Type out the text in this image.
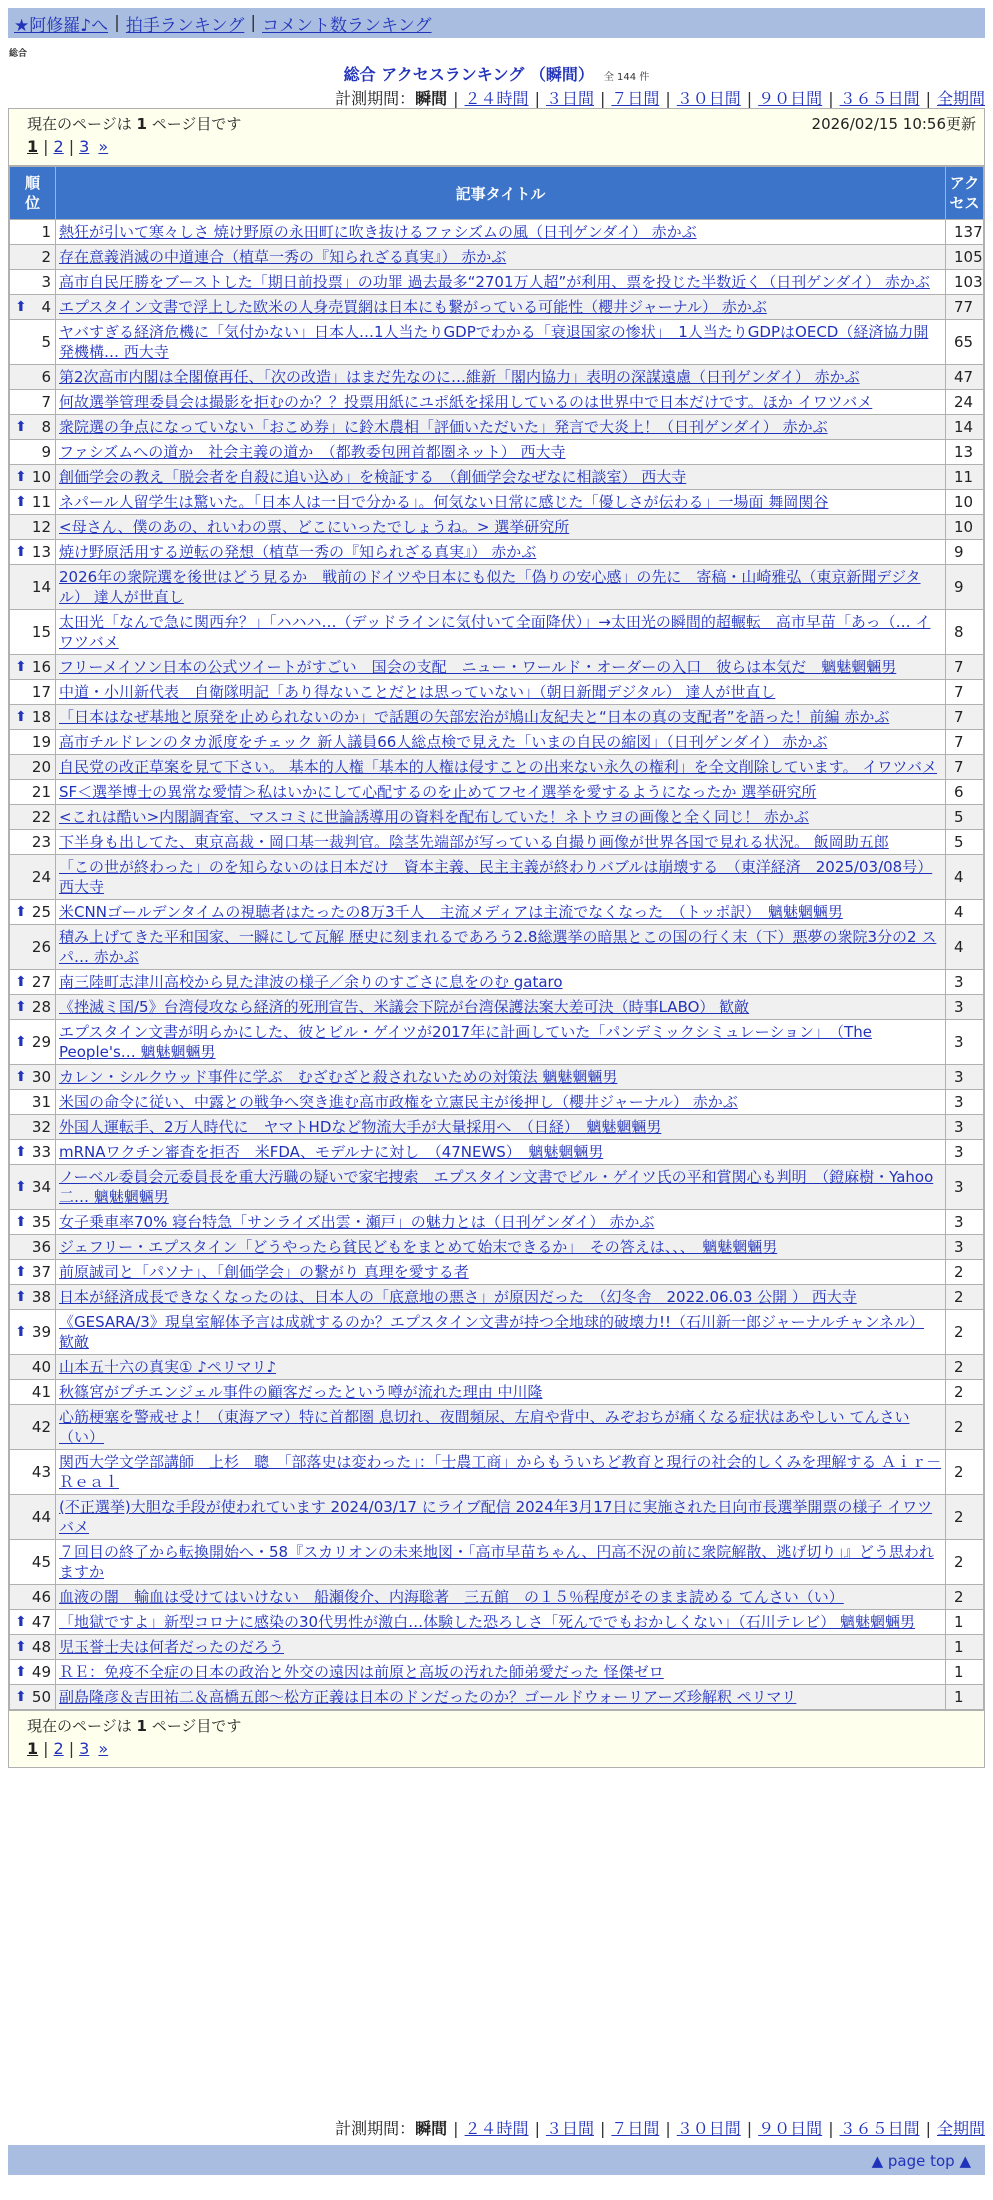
★阿修羅♪へ | 拍手ランキング | コメント数ランキング
総合
総合 アクセスランキング （瞬間） 全 144 件
計測期間：瞬間 | ２４時間 | ３日間 | ７日間 | ３０日間 | ９０日間 | ３６５日間 | 全期間
現在のページは 1 ページ目です	2026/02/15 10:56更新
1 | 2 | 3 »
順位	記事タイトル	アクセス
1	熱狂が引いて寒々しさ 焼け野原の永田町に吹き抜けるファシズムの風（日刊ゲンダイ） 赤かぶ	137
2	存在意義消滅の中道連合（植草一秀の『知られざる真実』） 赤かぶ	105
3	高市自民圧勝をブーストした「期日前投票」の功罪 過去最多“2701万人超”が利用、票を投じた半数近く（日刊ゲンダイ） 赤かぶ	103

⬆ 4	エプスタイン文書で浮上した欧米の人身売買網は日本にも繋がっている可能性（櫻井ジャーナル） 赤かぶ	77
5	ヤバすぎる経済危機に「気付かない」日本人…1人当たりGDPでわかる「衰退国家の惨状」　1人当たりGDPはOECD（経済協力開発機構… 西大寺	65
6	第2次高市内閣は全閣僚再任、「次の改造」はまだ先なのに…維新「閣内協力」表明の深謀遠慮（日刊ゲンダイ） 赤かぶ	47
7	何故選挙管理委員会は撮影を拒むのか？？投票用紙にユポ紙を採用しているのは世界中で日本だけです。ほか イワツバメ	24

⬆ 8	衆院選の争点になっていない「おこめ券」に鈴木農相「評価いただいた」発言で大炎上！（日刊ゲンダイ） 赤かぶ	14
9	ファシズムへの道か　社会主義の道か　（都教委包囲首都圏ネット） 西大寺	13

⬆ 10	創価学会の教え「脱会者を自殺に追い込め」を検証する　（創価学会なぜなに相談室） 西大寺	11

⬆ 11	ネパール人留学生は驚いた。「日本人は一目で分かる」。何気ない日常に感じた「優しさが伝わる」一場面 舞岡関谷	10
12	<母さん、僕のあの、れいわの票、どこにいったでしょうね。> 選挙研究所	10

⬆ 13	焼け野原活用する逆転の発想（植草一秀の『知られざる真実』） 赤かぶ	9
14	2026年の衆院選を後世はどう見るか　戦前のドイツや日本にも似た「偽りの安心感」の先に　寄稿・山崎雅弘（東京新聞デジタル） 達人が世直し	9
15	太田光「なんで急に関西弁？」「ハハハ…（デッドラインに気付いて全面降伏）」→太田光の瞬間的超輾転　高市早苗「あっ（… イワツバメ	8

⬆ 16	フリーメイソン日本の公式ツイートがすごい　国会の支配　ニュー・ワールド・オーダーの入口　彼らは本気だ　魑魅魍魎男	7
17	中道・小川新代表　自衛隊明記「あり得ないことだとは思っていない」（朝日新聞デジタル） 達人が世直し	7

⬆ 18	「日本はなぜ基地と原発を止められないのか」で話題の矢部宏治が鳩山友紀夫と“日本の真の支配者”を語った！前編 赤かぶ	7
19	高市チルドレンのタカ派度をチェック 新人議員66人総点検で見えた「いまの自民の縮図」（日刊ゲンダイ） 赤かぶ	7
20	自民党の改正草案を見て下さい。 基本的人権「基本的人権は侵すことの出来ない永久の権利」を全文削除しています。 イワツバメ	7
21	SF＜選挙博士の異常な愛情＞私はいかにして心配するのを止めてフセイ選挙を愛するようになったか 選挙研究所	6
22	<これは酷い>内閣調査室、マスコミに世論誘導用の資料を配布していた！ネトウヨの画像と全く同じ！ 赤かぶ	5
23	下半身も出してた、東京高裁・岡口基一裁判官。陰茎先端部が写っている自撮り画像が世界各国で見れる状況。 飯岡助五郎	5
24	「この世が終わった」のを知らないのは日本だけ　資本主義、民主主義が終わりバブルは崩壊する　（東洋経済　2025/03/08号） 西大寺	4

⬆ 25	米CNNゴールデンタイムの視聴者はたったの8万3千人　主流メディアは主流でなくなった　（トッポ訳）　魑魅魍魎男	4
26	積み上げてきた平和国家、一瞬にして瓦解 歴史に刻まれるであろう2.8総選挙の暗黒とこの国の行く末（下）悪夢の衆院3分の2 スパ… 赤かぶ	4

⬆ 27	南三陸町志津川高校から見た津波の様子／余りのすごさに息をのむ gataro	3

⬆ 28	《挫滅ミ国/5》台湾侵攻なら経済的死刑宣告、米議会下院が台湾保護法案大差可決（時事LABO） 歓敵	3

⬆ 29	エプスタイン文書が明らかにした、彼とビル・ゲイツが2017年に計画していた「パンデミックシミュレーション」　（The People's… 魑魅魍魎男	3

⬆ 30	カレン・シルクウッド事件に学ぶ　むざむざと殺されないための対策法 魑魅魍魎男	3
31	米国の命令に従い、中露との戦争へ突き進む高市政権を立憲民主が後押し（櫻井ジャーナル） 赤かぶ	3
32	外国人運転手、2万人時代に　ヤマトHDなど物流大手が大量採用へ　（日経）　魑魅魍魎男	3

⬆ 33	mRNAワクチン審査を拒否　米FDA、モデルナに対し　（47NEWS）　魑魅魍魎男	3

⬆ 34	ノーベル委員会元委員長を重大汚職の疑いで家宅捜索　エプスタイン文書でビル・ゲイツ氏の平和賞関心も判明　（鐙麻樹・Yahoo二… 魑魅魍魎男	3

⬆ 35	女子乗車率70% 寝台特急「サンライズ出雲・瀬戸」の魅力とは（日刊ゲンダイ） 赤かぶ	3
36	ジェフリー・エプスタイン「どうやったら貧民どもをまとめて始末できるか」　その答えは、、、　魑魅魍魎男	3

⬆ 37	前原誠司と「パソナ」、「創価学会」の繋がり 真理を愛する者	2

⬆ 38	日本が経済成長できなくなったのは、日本人の「底意地の悪さ」が原因だった　（幻冬舎　2022.06.03 公開 ） 西大寺	2

⬆ 39	《GESARA/3》現皇室解体予言は成就するのか？エプスタイン文書が持つ全地球的破壊力!!（石川新一郎ジャーナルチャンネル） 歓敵	2
40	山本五十六の真実① ♪ペリマリ♪	2
41	秋篠宮がプチエンジェル事件の顧客だったという噂が流れた理由 中川隆	2
42	心筋梗塞を警戒せよ！（東海アマ）特に首都圏 息切れ、夜間頻尿、左肩や背中、みぞおちが痛くなる症状はあやしい てんさい（い）	2
43	関西大学文学部講師　上杉　聰　「部落史は変わった」：「士農工商」からもういちど教育と現行の社会的しくみを理解する Ａｉｒ－Ｒｅａｌ	2
44	(不正選挙)大胆な手段が使われています 2024/03/17 にライブ配信 2024年3月17日に実施された日向市長選挙開票の様子 イワツバメ	2
45	７回目の終了から転換開始へ・58『スカリオンの未来地図・「高市早苗ちゃん、円高不況の前に衆院解散、逃げ切り」』どう思われますか	2
46	血液の闇　輸血は受けてはいけない　船瀬俊介、内海聡著　三五館　の１５％程度がそのまま読める てんさい（い）	2

⬆ 47	「地獄ですよ」新型コロナに感染の30代男性が激白…体験した恐ろしさ「死んででもおかしくない」（石川テレビ） 魑魅魍魎男	1

⬆ 48	児玉誉士夫は何者だったのだろう	1

⬆ 49	ＲＥ：免疫不全症の日本の政治と外交の遠因は前原と高坂の汚れた師弟愛だった 怪傑ゼロ	1

⬆ 50	副島隆彦＆吉田祐二＆高橋五郎〜松方正義は日本のドンだったのか？ゴールドウォーリアーズ珍解釈 ペリマリ	1
現在のページは 1 ページ目です
1 | 2 | 3 »
計測期間：瞬間 | ２４時間 | ３日間 | ７日間 | ３０日間 | ９０日間 | ３６５日間 | 全期間
▲ page top ▲
